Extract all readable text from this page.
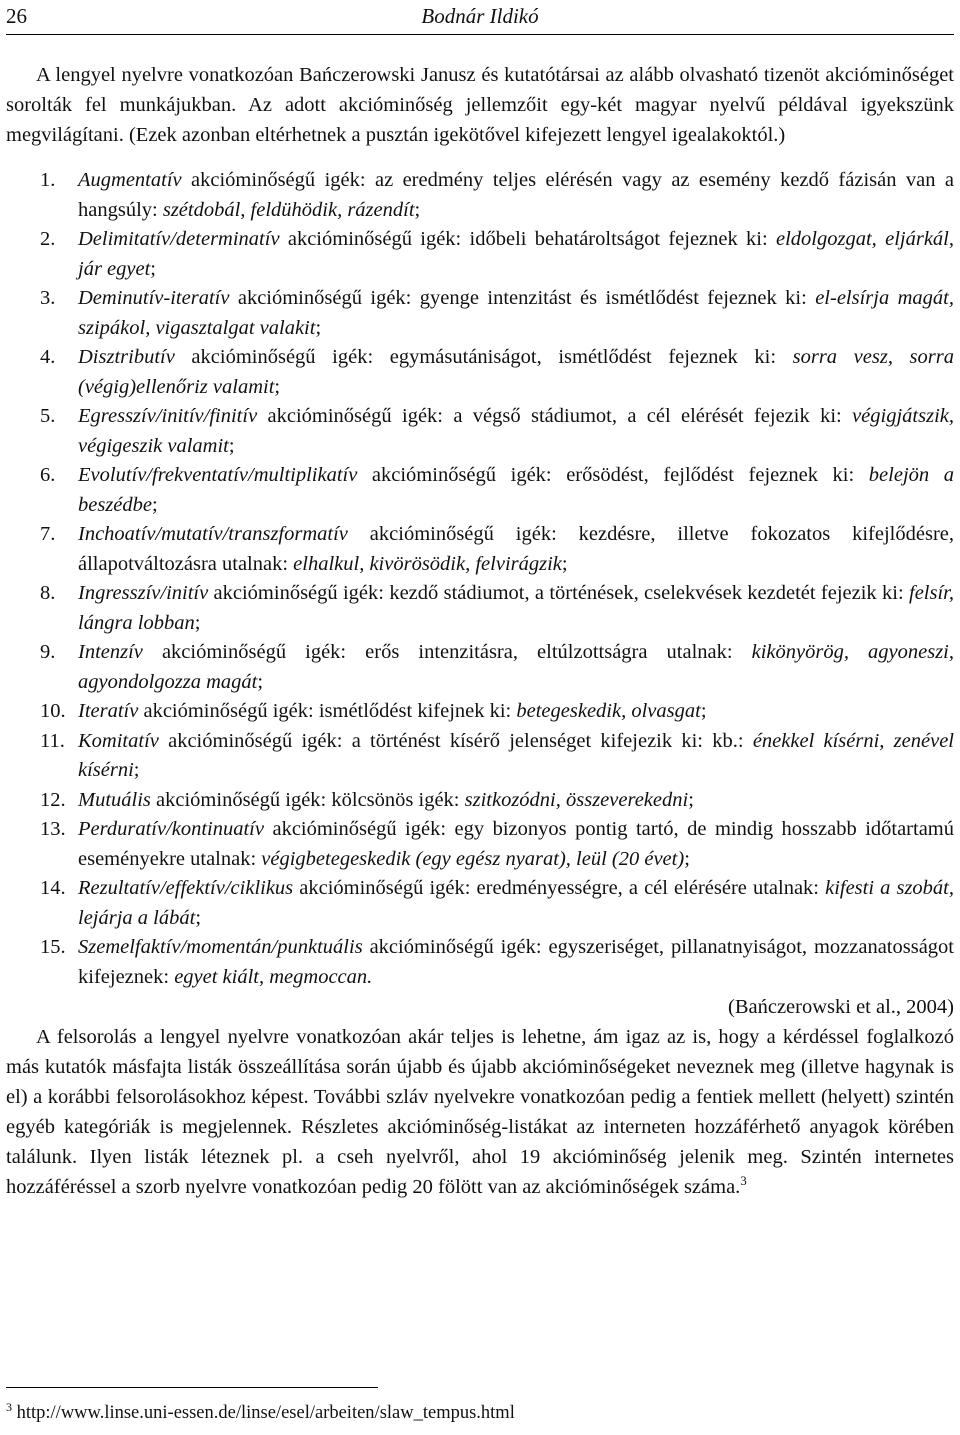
26	Bodnár Ildikó

A lengyel nyelvre vonatkozóan Bańczerowski Janusz és kutatótársai az alább olvasható tizenöt akcióminőséget sorolták fel munkájukban. Az adott akcióminőség jellemzőit egy-két magyar nyelvű példával igyekszünk megvilágítani. (Ezek azonban eltérhetnek a pusztán igekötővel kifejezett lengyel igealakoktól.)

1. Augmentatív akcióminőségű igék: az eredmény teljes elérésén vagy az esemény kezdő fázisán van a hangsúly: szétdobál, feldühödik, rázendít;
2. Delimitatív/determinatív akcióminőségű igék: időbeli behatároltságot fejeznek ki: eldolgozgat, eljárkál, jár egyet;
3. Deminutív-iteratív akcióminőségű igék: gyenge intenzitást és ismétlődést fejeznek ki: el-elsírja magát, szipákol, vigasztalgat valakit;
4. Disztributív akcióminőségű igék: egymásutániságot, ismétlődést fejeznek ki: sorra vesz, sorra (végig)ellenőriz valamit;
5. Egresszív/initív/finitív akcióminőségű igék: a végső stádiumot, a cél elérését fejezik ki: végigjátszik, végigeszik valamit;
6. Evolutív/frekventatív/multiplikatív akcióminőségű igék: erősödést, fejlődést fejeznek ki: belejön a beszédbe;
7. Inchoatív/mutatív/transzformatív akcióminőségű igék: kezdésre, illetve fokozatos kifejlődésre, állapotváltozásra utalnak: elhalkul, kivörösödik, felvirágzik;
8. Ingresszív/initív akcióminőségű igék: kezdő stádiumot, a történések, cselekvések kezdetét fejezik ki: felsír, lángra lobban;
9. Intenzív akcióminőségű igék: erős intenzitásra, eltúlzottságra utalnak: kikönyörög, agyoneszi, agyondolgozza magát;
10. Iteratív akcióminőségű igék: ismétlődést kifejnek ki: betegeskedik, olvasgat;
11. Komitatív akcióminőségű igék: a történést kísérő jelenséget kifejezik ki: kb.: énekkel kísérni, zenével kísérni;
12. Mutuális akcióminőségű igék: kölcsönös igék: szitkozódni, összeverekedni;
13. Perduratív/kontinuatív akcióminőségű igék: egy bizonyos pontig tartó, de mindig hosszabb időtartamú eseményekre utalnak: végigbetegeskedik (egy egész nyarat), leül (20 évet);
14. Rezultatív/effektív/ciklikus akcióminőségű igék: eredményességre, a cél elérésére utalnak: kifesti a szobát, lejárja a lábát;
15. Szemelfaktív/momentán/punktuális akcióminőségű igék: egyszeriséget, pillanatnyiságot, mozzanatosságot kifejeznek: egyet kiált, megmoccan.

(Bańczerowski et al., 2004)

A felsorolás a lengyel nyelvre vonatkozóan akár teljes is lehetne, ám igaz az is, hogy a kérdéssel foglalkozó más kutatók másfajta listák összeállítása során újabb és újabb akcióminőségeket neveznek meg (illetve hagynak is el) a korábbi felsorolásokhoz képest. További szláv nyelvekre vonatkozóan pedig a fentiek mellett (helyett) szintén egyéb kategóriák is megjelennek. Részletes akcióminőség-listákat az interneten hozzáférhető anyagok körében találunk. Ilyen listák léteznek pl. a cseh nyelvről, ahol 19 akcióminőség jelenik meg. Szintén internetes hozzáféréssel a szorb nyelvre vonatkozóan pedig 20 fölött van az akcióminőségek száma.$^3$

$^3$ http://www.linse.uni-essen.de/linse/esel/arbeiten/slaw_tempus.html
